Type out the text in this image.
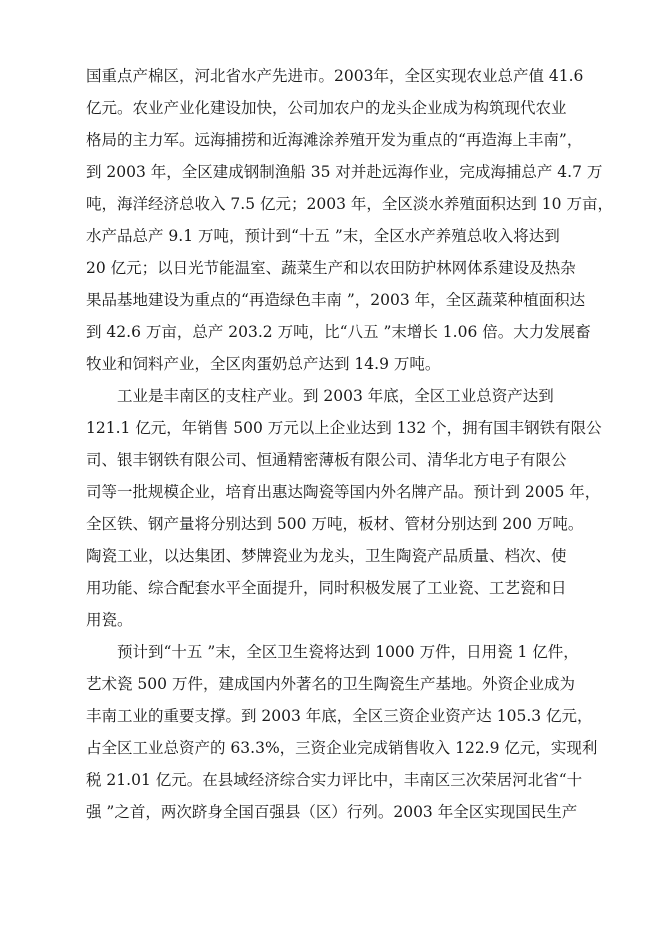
国重点产棉区，河北省水产先进市。2003年，全区实现农业总产值 41.6
亿元。农业产业化建设加快，公司加农户的龙头企业成为构筑现代农业
格局的主力军。远海捕捞和近海滩涂养殖开发为重点的“再造海上丰南”，
到 2003 年，全区建成钢制渔船 35 对并赴远海作业，完成海捕总产 4.7 万
吨，海洋经济总收入 7.5 亿元；2003 年，全区淡水养殖面积达到 10 万亩，
水产品总产 9.1 万吨，预计到“十五 ”末，全区水产养殖总收入将达到
20 亿元；以日光节能温室、蔬菜生产和以农田防护林网体系建设及热杂
果品基地建设为重点的“再造绿色丰南 ”，2003 年，全区蔬菜种植面积达
到 42.6 万亩，总产 203.2 万吨，比“八五 ”末增长 1.06 倍。大力发展畜
牧业和饲料产业，全区肉蛋奶总产达到 14.9 万吨。
工业是丰南区的支柱产业。到 2003 年底，全区工业总资产达到
121.1 亿元，年销售 500 万元以上企业达到 132 个，拥有国丰钢铁有限公
司、银丰钢铁有限公司、恒通精密薄板有限公司、清华北方电子有限公
司等一批规模企业，培育出惠达陶瓷等国内外名牌产品。预计到 2005 年，
全区铁、钢产量将分别达到 500 万吨，板材、管材分别达到 200 万吨。
陶瓷工业，以达集团、梦牌瓷业为龙头，卫生陶瓷产品质量、档次、使
用功能、综合配套水平全面提升，同时积极发展了工业瓷、工艺瓷和日
用瓷。
预计到“十五 ”末，全区卫生瓷将达到 1000 万件，日用瓷 1 亿件，
艺术瓷 500 万件，建成国内外著名的卫生陶瓷生产基地。外资企业成为
丰南工业的重要支撑。到 2003 年底，全区三资企业资产达 105.3 亿元，
占全区工业总资产的 63.3%，三资企业完成销售收入 122.9 亿元，实现利
税 21.01 亿元。在县域经济综合实力评比中，丰南区三次荣居河北省“十
强 ”之首，两次跻身全国百强县（区）行列。2003 年全区实现国民生产
